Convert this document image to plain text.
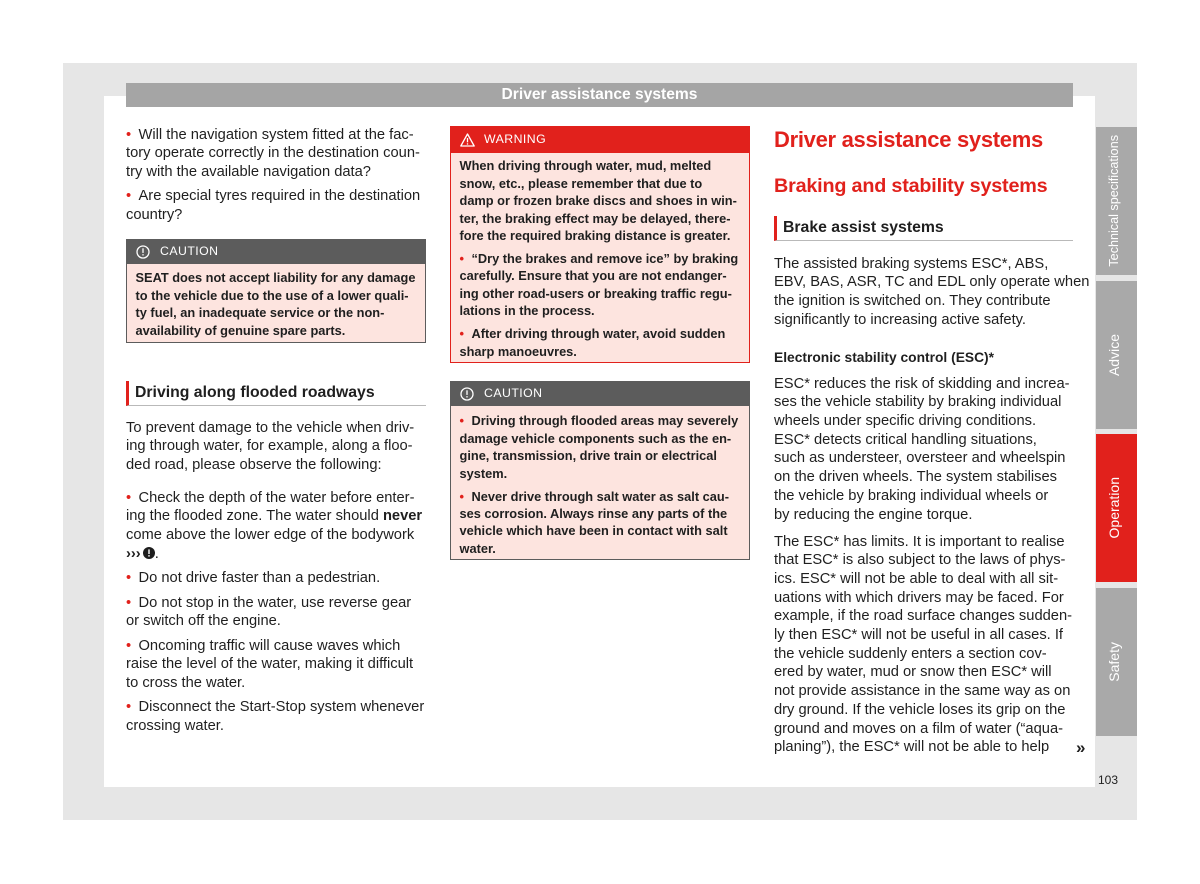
Driver assistance systems
Technical specifications
Advice
Operation
Safety
103
• Will the navigation system fitted at the fac-
tory operate correctly in the destination coun-
try with the available navigation data?
• Are special tyres required in the destination
country?
CAUTION
SEAT does not accept liability for any damage
to the vehicle due to the use of a lower quali-
ty fuel, an inadequate service or the non-
availability of genuine spare parts.
Driving along flooded roadways
To prevent damage to the vehicle when driv-
ing through water, for example, along a floo-
ded road, please observe the following:
• Check the depth of the water before enter-
ing the flooded zone. The water should never
come above the lower edge of the bodywork
››› .
• Do not drive faster than a pedestrian.
• Do not stop in the water, use reverse gear
or switch off the engine.
• Oncoming traffic will cause waves which
raise the level of the water, making it difficult
to cross the water.
• Disconnect the Start-Stop system whenever
crossing water.
WARNING
When driving through water, mud, melted
snow, etc., please remember that due to
damp or frozen brake discs and shoes in win-
ter, the braking effect may be delayed, there-
fore the required braking distance is greater.
• “Dry the brakes and remove ice” by braking
carefully. Ensure that you are not endanger-
ing other road-users or breaking traffic regu-
lations in the process.
• After driving through water, avoid sudden
sharp manoeuvres.
CAUTION
• Driving through flooded areas may severely
damage vehicle components such as the en-
gine, transmission, drive train or electrical
system.
• Never drive through salt water as salt cau-
ses corrosion. Always rinse any parts of the
vehicle which have been in contact with salt
water.
Driver assistance systems
Braking and stability systems
Brake assist systems
The assisted braking systems ESC*, ABS,
EBV, BAS, ASR, TC and EDL only operate when
the ignition is switched on. They contribute
significantly to increasing active safety.
Electronic stability control (ESC)*
ESC* reduces the risk of skidding and increa-
ses the vehicle stability by braking individual
wheels under specific driving conditions.
ESC* detects critical handling situations,
such as understeer, oversteer and wheelspin
on the driven wheels. The system stabilises
the vehicle by braking individual wheels or
by reducing the engine torque.
The ESC* has limits. It is important to realise
that ESC* is also subject to the laws of phys-
ics. ESC* will not be able to deal with all sit-
uations with which drivers may be faced. For
example, if the road surface changes sudden-
ly then ESC* will not be useful in all cases. If
the vehicle suddenly enters a section cov-
ered by water, mud or snow then ESC* will
not provide assistance in the same way as on
dry ground. If the vehicle loses its grip on the
ground and moves on a film of water (“aqua-
planing”), the ESC* will not be able to help	»
